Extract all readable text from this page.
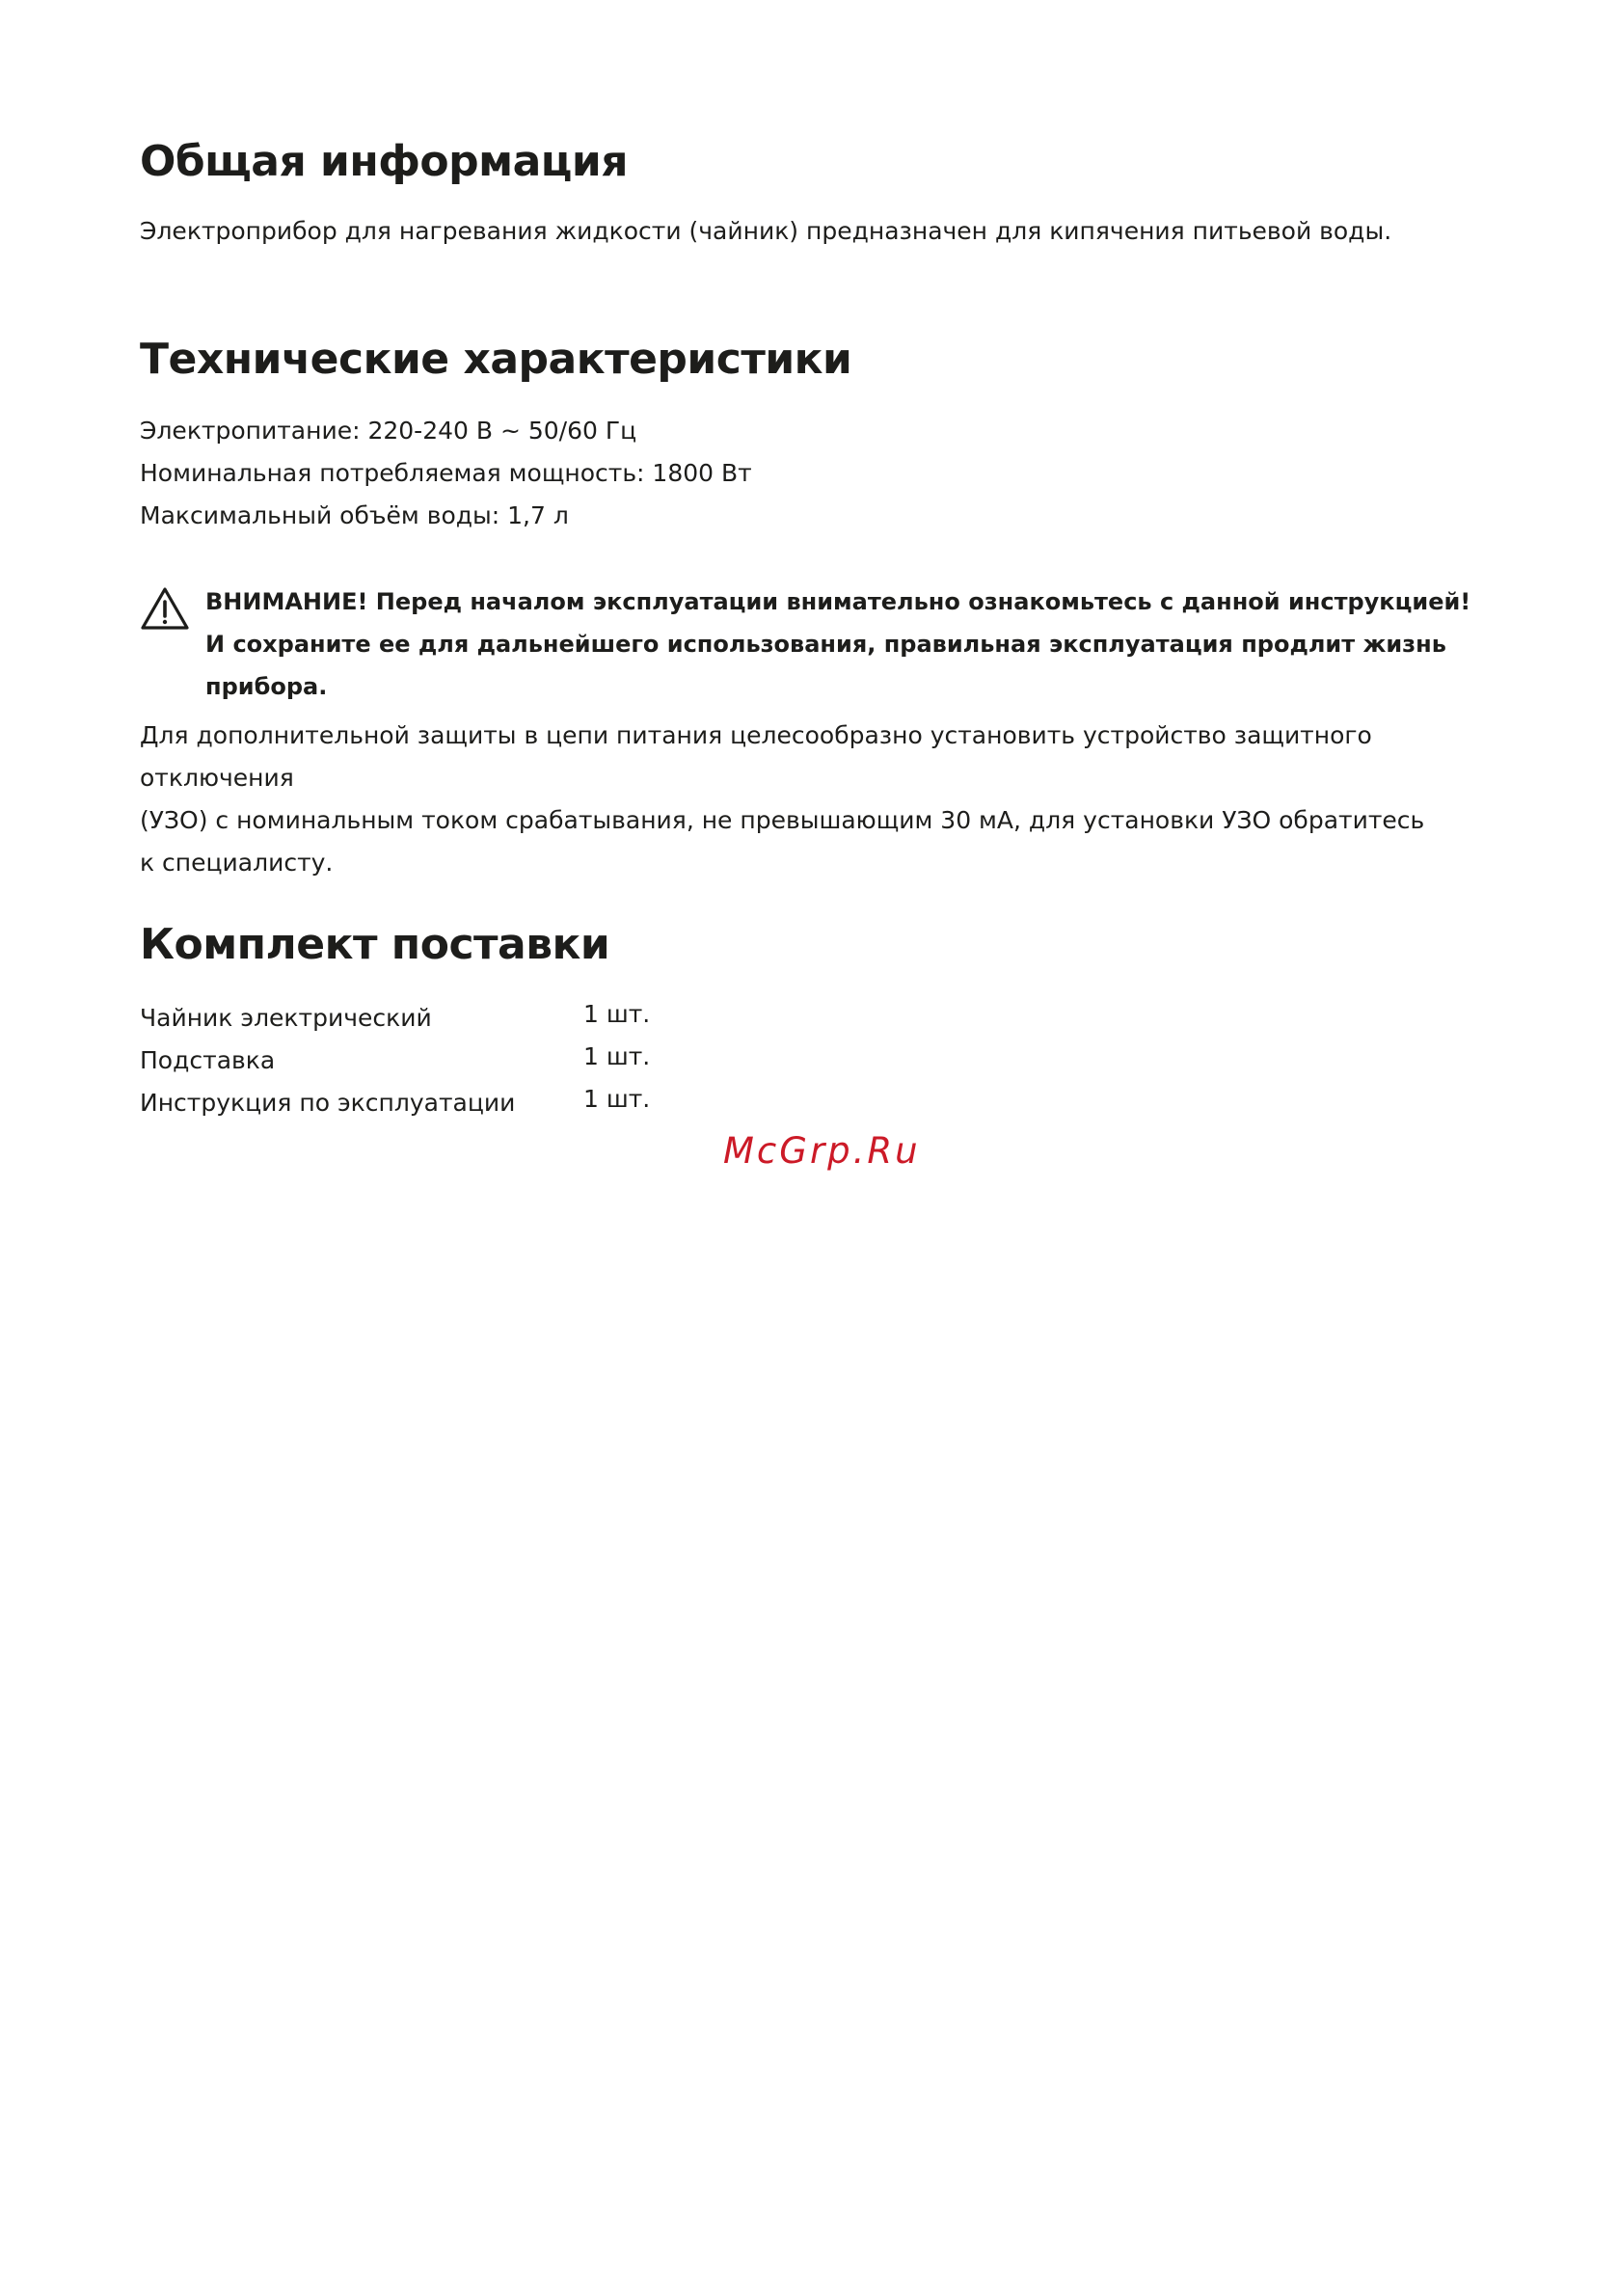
Общая информация

Электроприбор для нагревания жидкости (чайник) предназначен для кипячения питьевой воды.

Технические характеристики
Электропитание: 220-240 В ~ 50/60 Гц
Номинальная потребляемая мощность: 1800 Вт
Максимальный объём воды: 1,7 л
ВНИМАНИЕ! Перед началом эксплуатации внимательно ознакомьтесь с данной инструкцией!
И сохраните ее для дальнейшего использования, правильная эксплуатация продлит жизнь прибора.
Для дополнительной защиты в цепи питания целесообразно установить устройство защитного отключения
(УЗО) с номинальным током срабатывания, не превышающим 30 мА, для установки УЗО обратитесь
к специалисту.
Комплект поставки
Чайник электрический	1 шт.
Подставка	1 шт.
Инструкция по эксплуатации	1 шт.
McGrp.Ru
